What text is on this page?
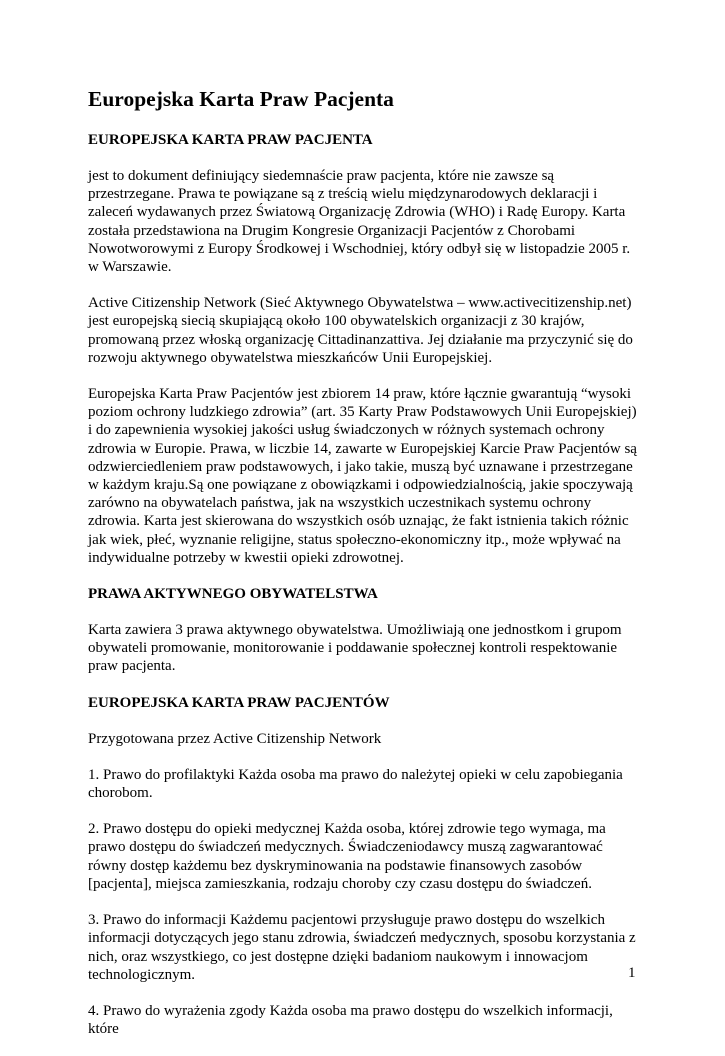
Europejska Karta Praw Pacjenta
EUROPEJSKA KARTA PRAW PACJENTA

jest to dokument definiujący siedemnaście praw pacjenta, które nie zawsze są przestrzegane. Prawa te powiązane są z treścią wielu międzynarodowych deklaracji i zaleceń wydawanych przez Światową Organizację Zdrowia (WHO) i Radę Europy. Karta została przedstawiona na Drugim Kongresie Organizacji Pacjentów z Chorobami Nowotworowymi z Europy Środkowej i Wschodniej, który odbył się w listopadzie 2005 r. w Warszawie.

Active Citizenship Network (Sieć Aktywnego Obywatelstwa – www.activecitizenship.net) jest europejską siecią skupiającą około 100 obywatelskich organizacji z 30 krajów, promowaną przez włoską organizację Cittadinanzattiva. Jej działanie ma przyczynić się do rozwoju aktywnego obywatelstwa mieszkańców Unii Europejskiej.

Europejska Karta Praw Pacjentów jest zbiorem 14 praw, które łącznie gwarantują “wysoki poziom ochrony ludzkiego zdrowia” (art. 35 Karty Praw Podstawowych Unii Europejskiej) i do zapewnienia wysokiej jakości usług świadczonych w różnych systemach ochrony zdrowia w Europie. Prawa, w liczbie 14, zawarte w Europejskiej Karcie Praw Pacjentów są odzwierciedleniem praw podstawowych, i jako takie, muszą być uznawane i przestrzegane w każdym kraju.Są one powiązane z obowiązkami i odpowiedzialnością, jakie spoczywają zarówno na obywatelach państwa, jak na wszystkich uczestnikach systemu ochrony zdrowia. Karta jest skierowana do wszystkich osób uznając, że fakt istnienia takich różnic jak wiek, płeć, wyznanie religijne, status społeczno-ekonomiczny itp., może wpływać na indywidualne potrzeby w kwestii opieki zdrowotnej.

PRAWA AKTYWNEGO OBYWATELSTWA

Karta zawiera 3 prawa aktywnego obywatelstwa. Umożliwiają one jednostkom i grupom obywateli promowanie, monitorowanie i poddawanie społecznej kontroli respektowanie praw pacjenta.

EUROPEJSKA KARTA PRAW PACJENTÓW

Przygotowana przez Active Citizenship Network

1. Prawo do profilaktyki Każda osoba ma prawo do należytej opieki w celu zapobiegania chorobom.

2. Prawo dostępu do opieki medycznej Każda osoba, której zdrowie tego wymaga, ma prawo dostępu do świadczeń medycznych. Świadczeniodawcy muszą zagwarantować równy dostęp każdemu bez dyskryminowania na podstawie finansowych zasobów [pacjenta], miejsca zamieszkania, rodzaju choroby czy czasu dostępu do świadczeń.

3. Prawo do informacji Każdemu pacjentowi przysługuje prawo dostępu do wszelkich informacji dotyczących jego stanu zdrowia, świadczeń medycznych, sposobu korzystania z nich, oraz wszystkiego, co jest dostępne dzięki badaniom naukowym i innowacjom technologicznym.

4. Prawo do wyrażenia zgody Każda osoba ma prawo dostępu do wszelkich informacji, które

1
